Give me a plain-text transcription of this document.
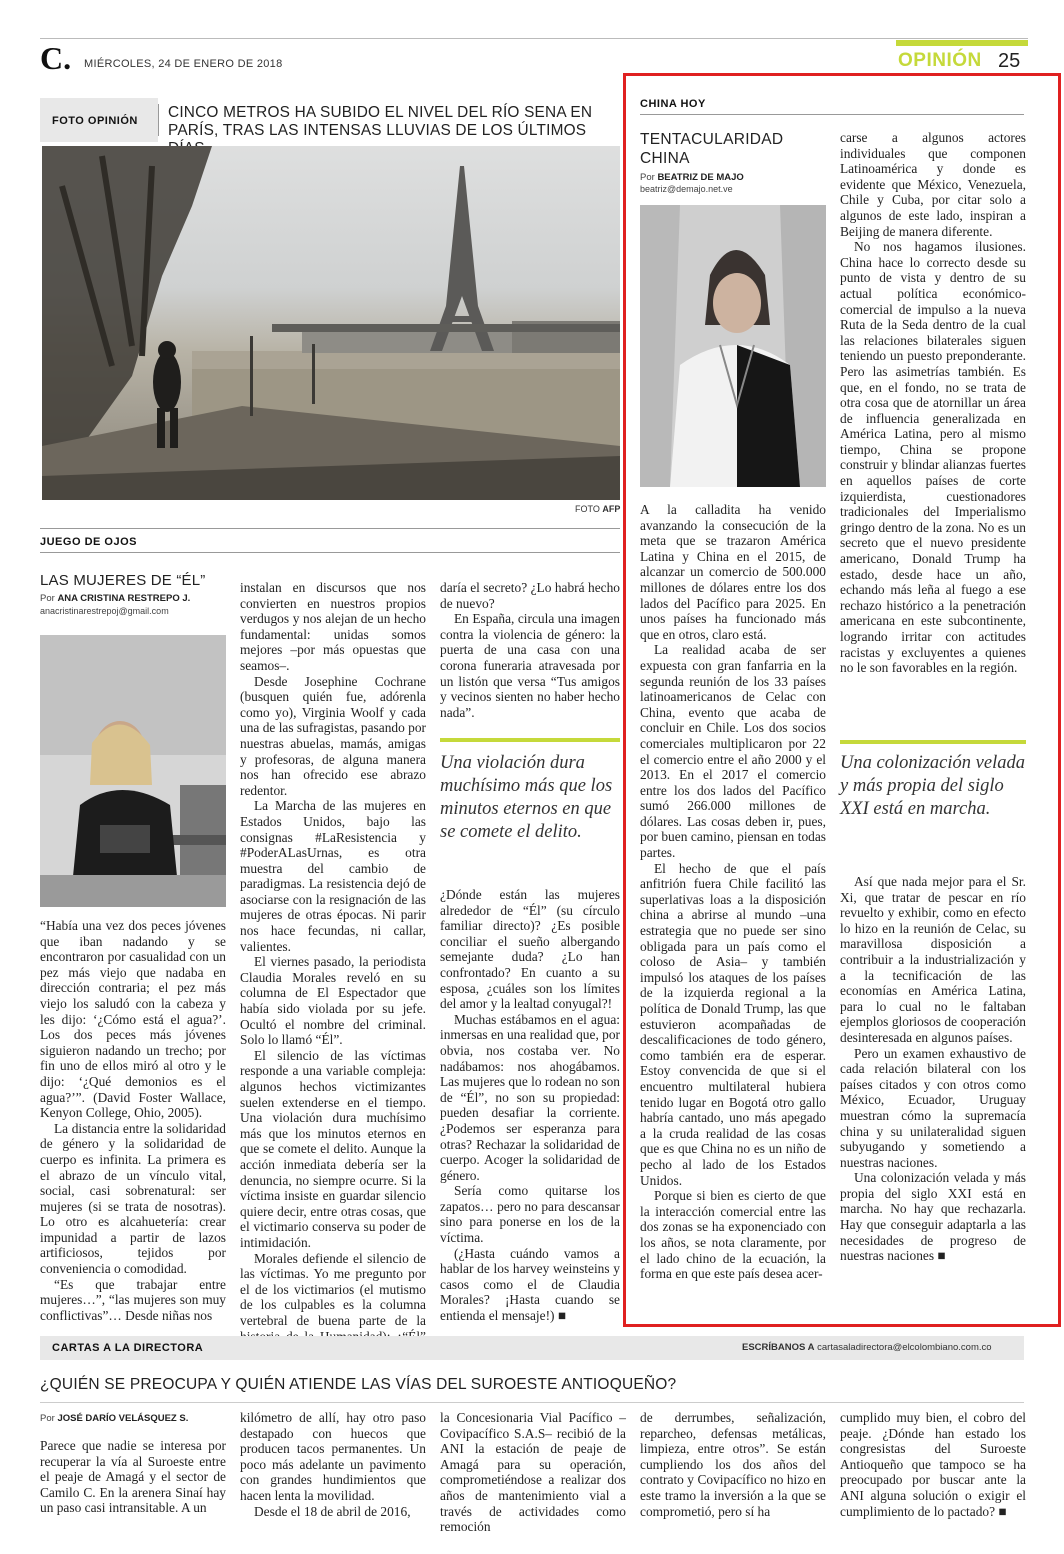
C. MIÉRCOLES, 24 DE ENERO DE 2018	OPINIÓN 25
FOTO OPINIÓN CINCO METROS HA SUBIDO EL NIVEL DEL RÍO SENA EN PARÍS, TRAS LAS INTENSAS LLUVIAS DE LOS ÚLTIMOS
FOTO AFP
JUEGO DE OJOS
LAS MUJERES DE “ÉL”
Por ANA CRISTINA RESTREPO J.
anacristinarestrepoj@gmail.com

“Había una vez dos peces jóvenes que iban nadando y se encontraron por casualidad con un pez más viejo que nadaba en dirección contraria; el pez más viejo los saludó con la cabeza y les dijo: ‘¿Cómo está el agua?’. Los dos peces más jóvenes siguieron nadando un trecho; por fin uno de ellos miró al otro y le dijo: ‘¿Qué demonios es el agua?’”. (David Foster Wallace, Kenyon College, Ohio, 2005).

La distancia entre la solidaridad de género y la solidaridad de cuerpo es infinita. La primera es el abrazo de un vínculo vital, social, casi sobrenatural: ser mujeres (si se trata de nosotras). Lo otro es alcahuetería: crear impunidad a partir de lazos artificiosos, tejidos por conveniencia o comodidad.

“Es que trabajar entre mujeres…”, “las mujeres son muy conflictivas”… Desde niñas nos

instalan en discursos que nos convierten en nuestros propios verdugos y nos alejan de un hecho fundamental: unidas somos mejores –por más opuestas que seamos–.

Desde Josephine Cochrane (busquen quién fue, adórenla como yo), Virginia Woolf y cada una de las sufragistas, pasando por nuestras abuelas, mamás, amigas y profesoras, de alguna manera nos han ofrecido ese abrazo redentor.

La Marcha de las mujeres en Estados Unidos, bajo las consignas #LaResistencia y #PoderALasUrnas, es otra muestra del cambio de paradigmas. La resistencia dejó de asociarse con la resignación de las mujeres de otras épocas. Ni parir nos hace fecundas, ni callar, valientes.

El viernes pasado, la periodista Claudia Morales reveló en su columna de El Espectador que había sido violada por su jefe. Ocultó el nombre del criminal. Solo lo llamó “Él”.

El silencio de las víctimas responde a una variable compleja: algunos hechos victimizantes suelen extenderse en el tiempo. Una violación dura muchísimo más que los minutos eternos en que se comete el delito. Aunque la acción inmediata debería ser la denuncia, no siempre ocurre. Si la víctima insiste en guardar silencio quiere decir, entre otras cosas, que el victimario conserva su poder de intimidación.

Morales defiende el silencio de las víctimas. Yo me pregunto por el de los victimarios (el mutismo de los culpables es la columna vertebral de buena parte de la

daría el secreto? ¿Lo habrá hecho de nuevo?

En España, circula una imagen contra la violencia de género: la puerta de una casa con una corona funeraria atravesada por un listón que versa “Tus amigos y vecinos sienten no haber hecho nada”.

Una violación dura muchísimo más que los minutos eternos en que se comete el delito.

¿Dónde están las mujeres alrededor de “Él” (su círculo familiar directo)? ¿Es posible conciliar el sueño albergando semejante duda? ¿Lo han confrontado? En cuanto a su esposa, ¿cuáles son los límites del amor y la lealtad conyugal?!

Muchas estábamos en el agua: inmersas en una realidad que, por obvia, nos costaba ver. No nadábamos: nos ahogábamos. Las mujeres que lo rodean no son de “Él”, no son su propiedad: pueden desafiar la corriente. ¿Podemos ser esperanza para otras? Rechazar la solidaridad de cuerpo. Acoger la solidaridad de género.

Sería como quitarse los zapatos… pero no para descansar sino para ponerse en los de la víctima.

(¿Hasta cuándo vamos a hablar de los harvey weinsteins y casos como el de Claudia Morales? ¡Hasta cuando se entienda el mensaje!) ■

CHINA HOY
TENTACULARIDAD CHINA
Por BEATRIZ DE MAJO
beatriz@demajo.net.ve

A la calladita ha venido avanzando la consecución de la meta que se trazaron América Latina y China en el 2015, de alcanzar un comercio de 500.000 millones de dólares entre los dos lados del Pacífico para 2025. En unos países ha funcionado más que en otros, claro está.

La realidad acaba de ser expuesta con gran fanfarria en la segunda reunión de los 33 países latinoamericanos de Celac con China, evento que acaba de concluir en Chile. Los dos socios comerciales multiplicaron por 22 el comercio entre el año 2000 y el 2013. En el 2017 el comercio entre los dos lados del Pacífico sumó 266.000 millones de dólares. Las cosas deben ir, pues, por buen camino, piensan en todas partes.

El hecho de que el país anfitrión fuera Chile facilitó las superlativas loas a la disposición china a abrirse al mundo –una estrategia que no puede ser sino obligada para un país como el coloso de Asia– y también impulsó los ataques de los países de la izquierda regional a la política de Donald Trump, las que estuvieron acompañadas de descalificaciones de todo género, como también era de esperar. Estoy convencida de que si el encuentro multilateral hubiera tenido lugar en Bogotá otro gallo habría cantado, uno más apegado a la cruda realidad de las cosas que es que China no es un niño de pecho al lado de los Estados Unidos.

Porque si bien es cierto de que la interacción comercial entre las dos zonas se ha exponenciado con los años, se nota claramente, por el lado chino de la ecuación, la forma en que este país desea acer-

carse a algunos actores individuales que componen Latinoamérica y donde es evidente que México, Venezuela, Chile y Cuba, por citar solo a algunos de este lado, inspiran a Beijing de manera diferente.

No nos hagamos ilusiones. China hace lo correcto desde su punto de vista y dentro de su actual política económico-comercial de impulso a la nueva Ruta de la Seda dentro de la cual las relaciones bilaterales siguen teniendo un puesto preponderante. Pero las asimetrías también. Es que, en el fondo, no se trata de otra cosa que de atornillar un área de influencia generalizada en América Latina, pero al mismo tiempo, China se propone construir y blindar alianzas fuertes en aquellos países de corte izquierdista, cuestionadores tradicionales del Imperialismo gringo dentro de la zona. No es un secreto que el nuevo presidente americano, Donald Trump ha estado, desde hace un año, echando más leña al fuego a ese rechazo histórico a la penetración americana en este subcontinente, logrando irritar con actitudes racistas y excluyentes a quienes no le son favorables en la región.

Una colonización velada y más propia del siglo XXI está en marcha.

Así que nada mejor para el Sr. Xi, que tratar de pescar en río revuelto y exhibir, como en efecto lo hizo en la reunión de Celac, su maravillosa disposición a contribuir a la industrialización y a la tecnificación de las economías en América Latina, para lo cual no le faltaban ejemplos gloriosos de cooperación desinteresada en algunos países.

Pero un examen exhaustivo de cada relación bilateral con los países citados y con otros como México, Ecuador, Uruguay muestran cómo la supremacía china y su unilateralidad siguen subyugando y sometiendo a nuestras naciones.

Una colonización velada y más propia del siglo XXI está en marcha. No hay que rechazarla. Hay que conseguir adaptarla a las necesidades de progreso de nuestras naciones ■

CARTAS A LA DIRECTORA	ESCRÍBANOS A cartasaladirectora@elcolombiano.com.co
¿QUIÉN SE PREOCUPA Y QUIÉN ATIENDE LAS VÍAS DEL SUROESTE ANTIOQUEÑO?
Por JOSÉ DARÍO VELÁSQUEZ S.

Parece que nadie se interesa por recuperar la vía al Suroeste entre el peaje de Amagá y el sector de Camilo C. En la arenera Sinaí hay un paso casi intransitable. A un

kilómetro de allí, hay otro paso destapado con huecos que producen tacos permanentes. Un poco más adelante un pavimento con grandes hundimientos que hacen lenta la movilidad.

Desde el 18 de abril de 2016,

la Concesionaria Vial Pacífico – Covipacífico S.A.S– recibió de la ANI la estación de peaje de Amagá para su operación, comprometiéndose a realizar dos años de mantenimiento vial a través de actividades como remoción

de derrumbes, señalización, reparcheo, defensas metálicas, limpieza, entre otros”. Se están cumpliendo los dos años del contrato y Covipacífico no hizo en este tramo la inversión a la que se comprometió, pero sí ha

cumplido muy bien, el cobro del peaje. ¿Dónde han estado los congresistas del Suroeste Antioqueño que tampoco se ha preocupado por buscar ante la ANI alguna solución o exigir el cumplimiento de lo pactado? ■
